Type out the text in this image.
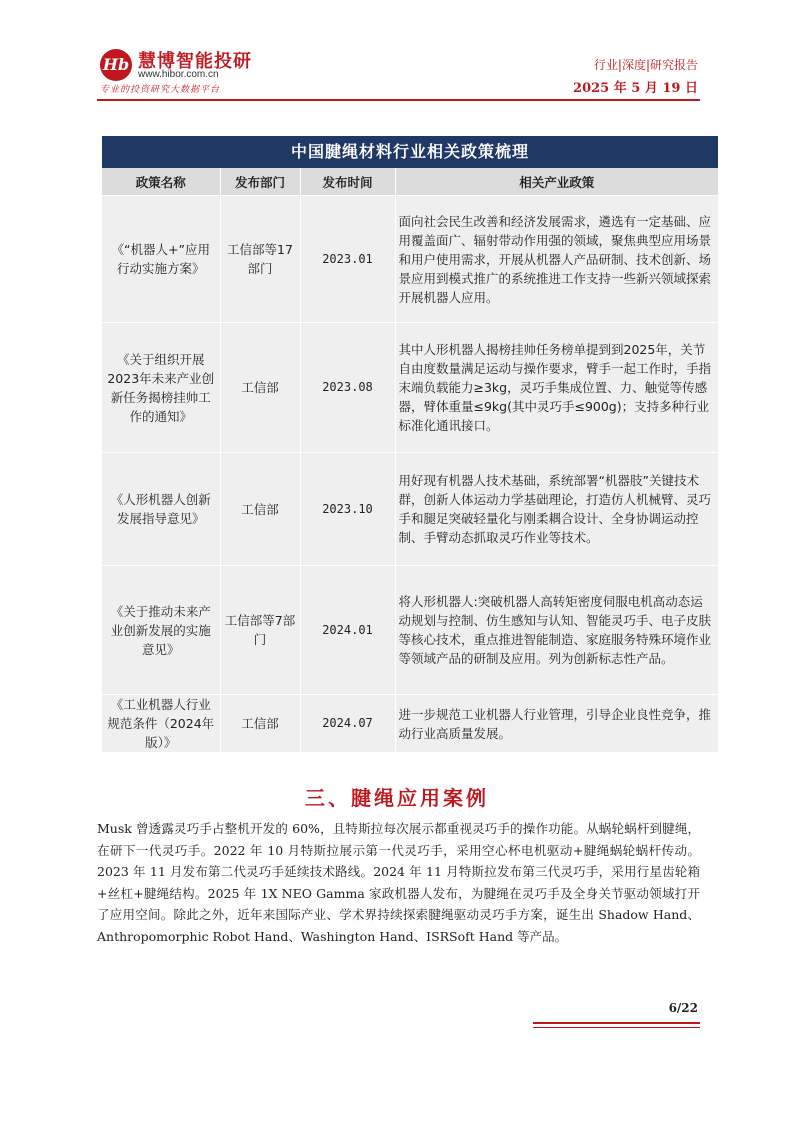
Hb 慧博智能投研
www.hibor.com.cn
专业的投资研究大数据平台
行业|深度|研究报告
2025 年 5 月 19 日
中国腱绳材料行业相关政策梳理
政策名称	发布部门	发布时间	相关产业政策
《“机器人+”应用行动实施方案》	工信部等17部门	2023.01	面向社会民生改善和经济发展需求，遴选有一定基础、应用覆盖面广、辐射带动作用强的领域，聚焦典型应用场景和用户使用需求，开展从机器人产品研制、技术创新、场景应用到模式推广的系统推进工作支持一些新兴领域探索开展机器人应用。
《关于组织开展2023年未来产业创新任务揭榜挂帅工作的通知》	工信部	2023.08	其中人形机器人揭榜挂帅任务榜单提到到2025年，关节自由度数量满足运动与操作要求，臂手一起工作时，手指末端负载能力≥3kg，灵巧手集成位置、力、触觉等传感器，臂体重量≤9kg(其中灵巧手≤900g)；支持多种行业标准化通讯接口。
《人形机器人创新发展指导意见》	工信部	2023.10	用好现有机器人技术基础，系统部署“机器肢”关键技术群，创新人体运动力学基础理论，打造仿人机械臂、灵巧手和腿足突破轻量化与刚柔耦合设计、全身协调运动控制、手臂动态抓取灵巧作业等技术。
《关于推动未来产业创新发展的实施意见》	工信部等7部门	2024.01	将人形机器人:突破机器人高转矩密度伺服电机高动态运动规划与控制、仿生感知与认知、智能灵巧手、电子皮肤等核心技术，重点推进智能制造、家庭服务特殊环境作业等领域产品的研制及应用。列为创新标志性产品。
《工业机器人行业规范条件（2024年版）》	工信部	2024.07	进一步规范工业机器人行业管理，引导企业良性竞争，推动行业高质量发展。
三、腱绳应用案例
Musk 曾透露灵巧手占整机开发的 60%，且特斯拉每次展示都重视灵巧手的操作功能。从蜗轮蜗杆到腱绳，在研下一代灵巧手。2022 年 10 月特斯拉展示第一代灵巧手，采用空心杯电机驱动+腱绳蜗轮蜗杆传动。2023 年 11 月发布第二代灵巧手延续技术路线。2024 年 11 月特斯拉发布第三代灵巧手，采用行星齿轮箱+丝杠+腱绳结构。2025 年 1X NEO Gamma 家政机器人发布，为腱绳在灵巧手及全身关节驱动领域打开了应用空间。除此之外，近年来国际产业、学术界持续探索腱绳驱动灵巧手方案，诞生出 Shadow Hand、Anthropomorphic Robot Hand、Washington Hand、ISRSoft Hand 等产品。
6/22
